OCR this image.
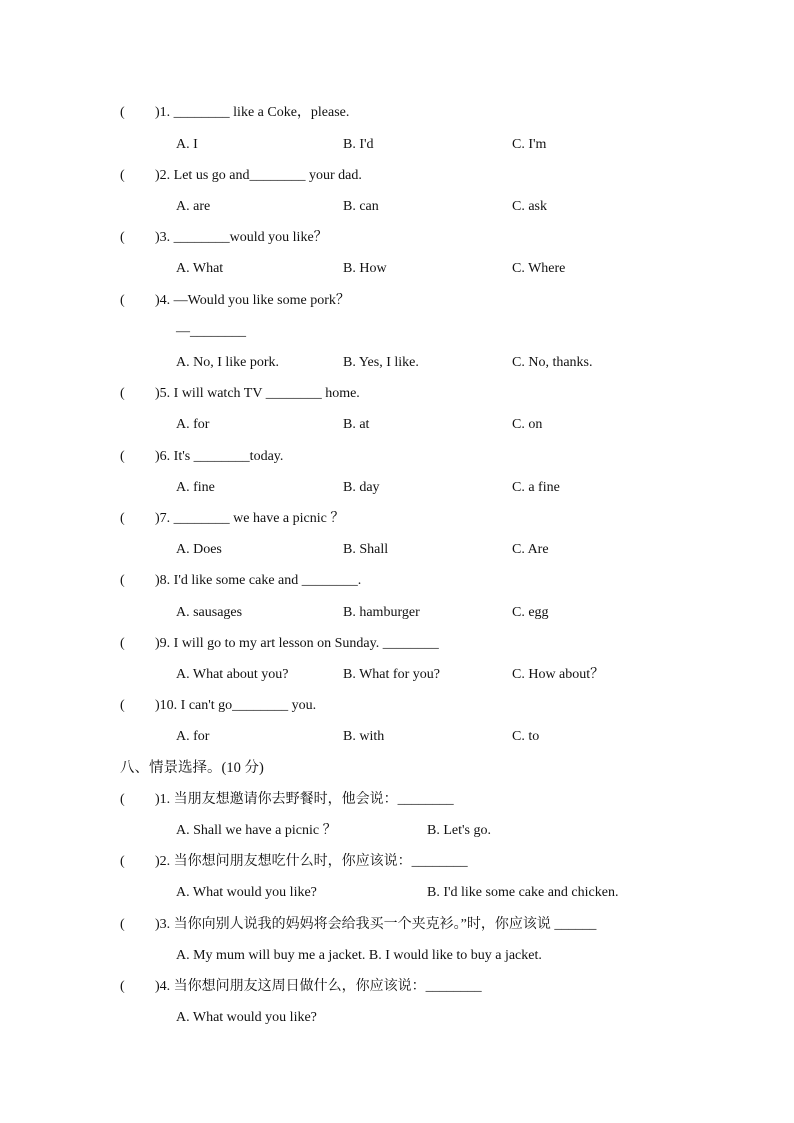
( )1. ________ like a Coke，please.
A. I	B. I'd	C. I'm
( )2. Let us go and________ your dad.
A. are	B. can	C. ask
( )3. ________would you like？
A. What	B. How	C. Where
( )4. —Would you like some pork？
—________
A. No, I like pork.	B. Yes, I like.	C. No, thanks.
( )5. I will watch TV ________ home.
A. for	B. at	C. on
( )6. It's ________today.
A. fine	B. day	C. a fine
( )7. ________ we have a picnic ？
A. Does	B. Shall	C. Are
( )8. I'd like some cake and ________.
A. sausages	B. hamburger	C. egg
( )9. I will go to my art lesson on Sunday. ________
A. What about you?	B. What for you?	C. How about？
( )10. I can't go________ you.
A. for	B. with	C. to
八、情景选择。(10 分)
( )1. 当朋友想邀请你去野餐时，他会说：________
A. Shall we have a picnic ？	B. Let's go.
( )2. 当你想问朋友想吃什么时，你应该说：________
A. What would you like?	B. I'd like some cake and chicken.
( )3. 当你向别人说我的妈妈将会给我买一个夹克衫。”时，你应该说 ______
A. My mum will buy me a jacket. B. I would like to buy a jacket.
( )4. 当你想问朋友这周日做什么，你应该说：________
A. What would you like?
